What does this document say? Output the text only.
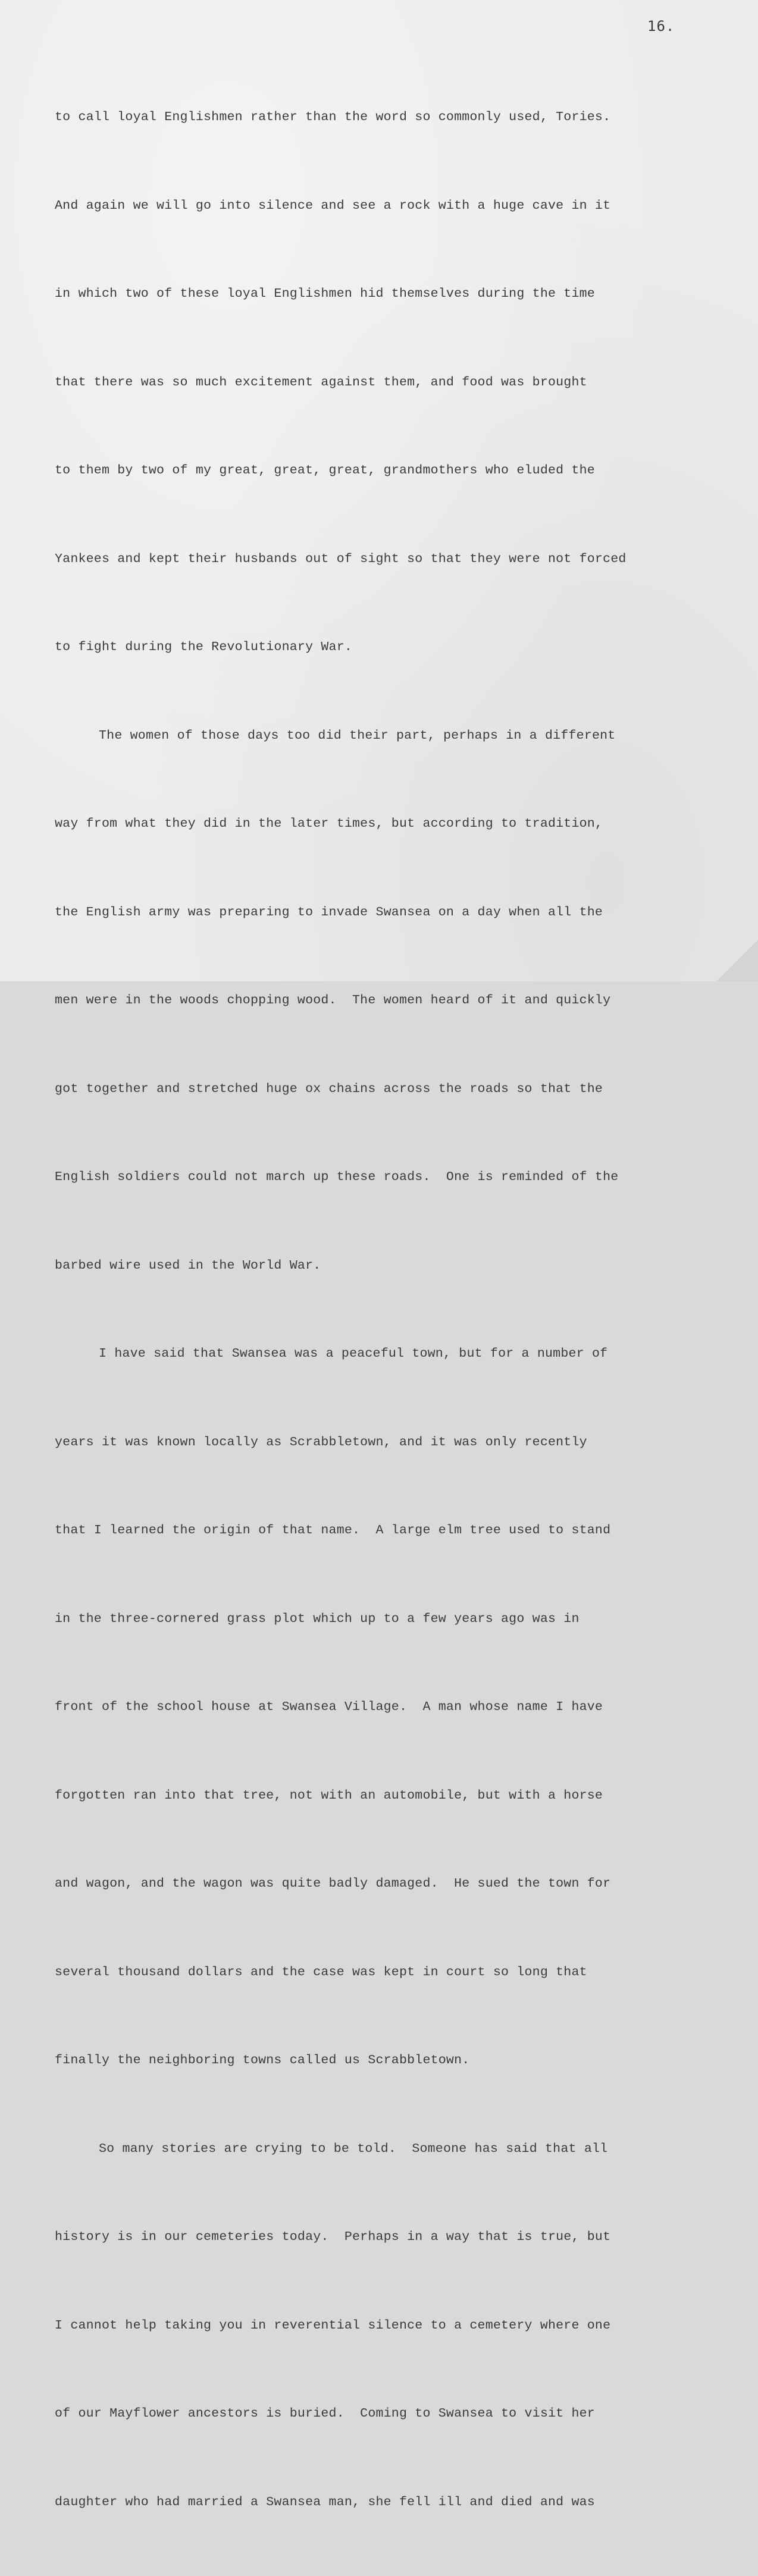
16.

to call loyal Englishmen rather than the word so commonly used, Tories.

And again we will go into silence and see a rock with a huge cave in it

in which two of these loyal Englishmen hid themselves during the time

that there was so much excitement against them, and food was brought

to them by two of my great, great, great, grandmothers who eluded the

Yankees and kept their husbands out of sight so that they were not forced

to fight during the Revolutionary War.

The women of those days too did their part, perhaps in a different

way from what they did in the later times, but according to tradition,

the English army was preparing to invade Swansea on a day when all the

men were in the woods chopping wood.  The women heard of it and quickly

got together and stretched huge ox chains across the roads so that the

English soldiers could not march up these roads.  One is reminded of the

barbed wire used in the World War.

I have said that Swansea was a peaceful town, but for a number of

years it was known locally as Scrabbletown, and it was only recently

that I learned the origin of that name.  A large elm tree used to stand

in the three-cornered grass plot which up to a few years ago was in

front of the school house at Swansea Village.  A man whose name I have

forgotten ran into that tree, not with an automobile, but with a horse

and wagon, and the wagon was quite badly damaged.  He sued the town for

several thousand dollars and the case was kept in court so long that

finally the neighboring towns called us Scrabbletown.

So many stories are crying to be told.  Someone has said that all

history is in our cemeteries today.  Perhaps in a way that is true, but

I cannot help taking you in reverential silence to a cemetery where one

of our Mayflower ancestors is buried.  Coming to Swansea to visit her

daughter who had married a Swansea man, she fell ill and died and was
